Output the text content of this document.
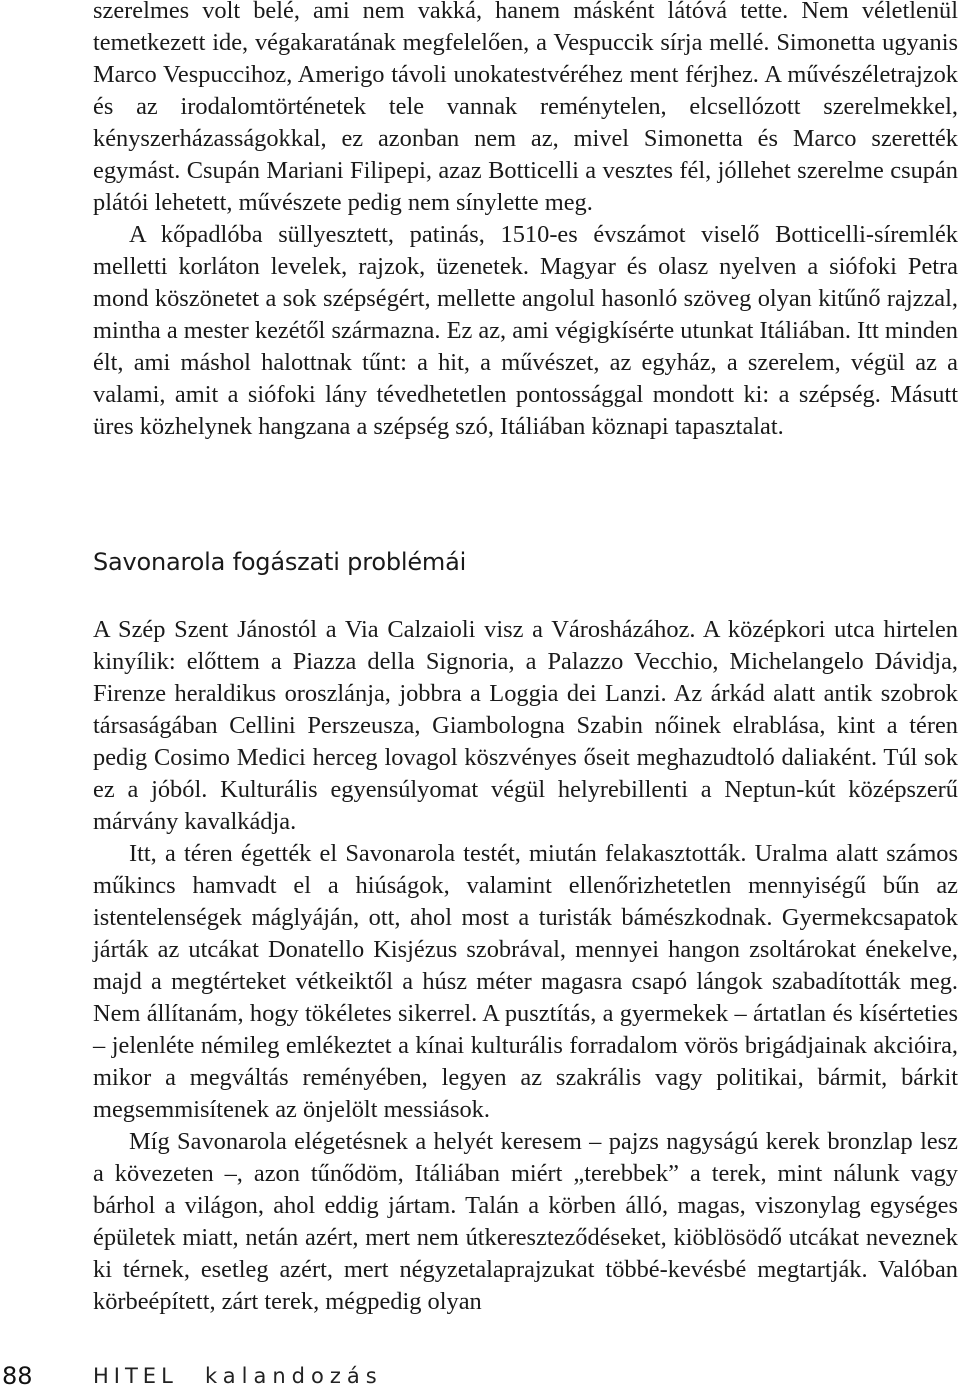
szerelmes volt belé, ami nem vakká, hanem másként látóvá tette. Nem véletlenül temetkezett ide, végakaratának megfelelően, a Vespuccik sírja mellé. Simonetta ugyanis Marco Vespuccihoz, Amerigo távoli unokatestvéréhez ment férjhez. A művészéletrajzok és az irodalomtörténetek tele vannak reménytelen, elcsellózott szerelmekkel, kényszerházasságokkal, ez azonban nem az, mivel Simonetta és Marco szerették egymást. Csupán Mariani Filipepi, azaz Botticelli a vesztes fél, jóllehet szerelme csupán plátói lehetett, művészete pedig nem sínylette meg.

A kőpadlóba süllyesztett, patinás, 1510-es évszámot viselő Botticelli-síremlék melletti korláton levelek, rajzok, üzenetek. Magyar és olasz nyelven a siófoki Petra mond köszönetet a sok szépségért, mellette angolul hasonló szöveg olyan kitűnő rajzzal, mintha a mester kezétől származna. Ez az, ami végigkísérte utunkat Itáliában. Itt minden élt, ami máshol halottnak tűnt: a hit, a művészet, az egyház, a szerelem, végül az a valami, amit a siófoki lány tévedhetetlen pontossággal mondott ki: a szépség. Másutt üres közhelynek hangzana a szépség szó, Itáliában köznapi tapasztalat.

Savonarola fogászati problémái

A Szép Szent Jánostól a Via Calzaioli visz a Városházához. A középkori utca hirtelen kinyílik: előttem a Piazza della Signoria, a Palazzo Vecchio, Michelangelo Dávidja, Firenze heraldikus oroszlánja, jobbra a Loggia dei Lanzi. Az árkád alatt antik szobrok társaságában Cellini Perszeusza, Giambologna Szabin nőinek elrablása, kint a téren pedig Cosimo Medici herceg lovagol köszvényes őseit meghazudtoló daliaként. Túl sok ez a jóból. Kulturális egyensúlyomat végül helyrebillenti a Neptun-kút középszerű márvány kavalkádja.

Itt, a téren égették el Savonarola testét, miután felakasztották. Uralma alatt számos műkincs hamvadt el a hiúságok, valamint ellenőrizhetetlen mennyiségű bűn az istentelenségek máglyáján, ott, ahol most a turisták bámészkodnak. Gyermekcsapatok járták az utcákat Donatello Kisjézus szobrával, mennyei hangon zsoltárokat énekelve, majd a megtérteket vétkeiktől a húsz méter magasra csapó lángok szabadították meg. Nem állítanám, hogy tökéletes sikerrel. A pusztítás, a gyermekek – ártatlan és kísérteties – jelenléte némileg emlékeztet a kínai kulturális forradalom vörös brigádjainak akcióira, mikor a megváltás reményében, legyen az szakrális vagy politikai, bármit, bárkit megsemmisítenek az önjelölt messiások.

Míg Savonarola elégetésnek a helyét keresem – pajzs nagyságú kerek bronzlap lesz a kövezeten –, azon tűnődöm, Itáliában miért „terebbek” a terek, mint nálunk vagy bárhol a világon, ahol eddig jártam. Talán a körben álló, magas, viszonylag egységes épületek miatt, netán azért, mert nem útkereszteződéseket, kiöblösödő utcákat neveznek ki térnek, esetleg azért, mert négyzetalaprajzukat többé-kevésbé megtartják. Valóban körbeépített, zárt terek, mégpedig olyan

88	HITEL kalandozás
